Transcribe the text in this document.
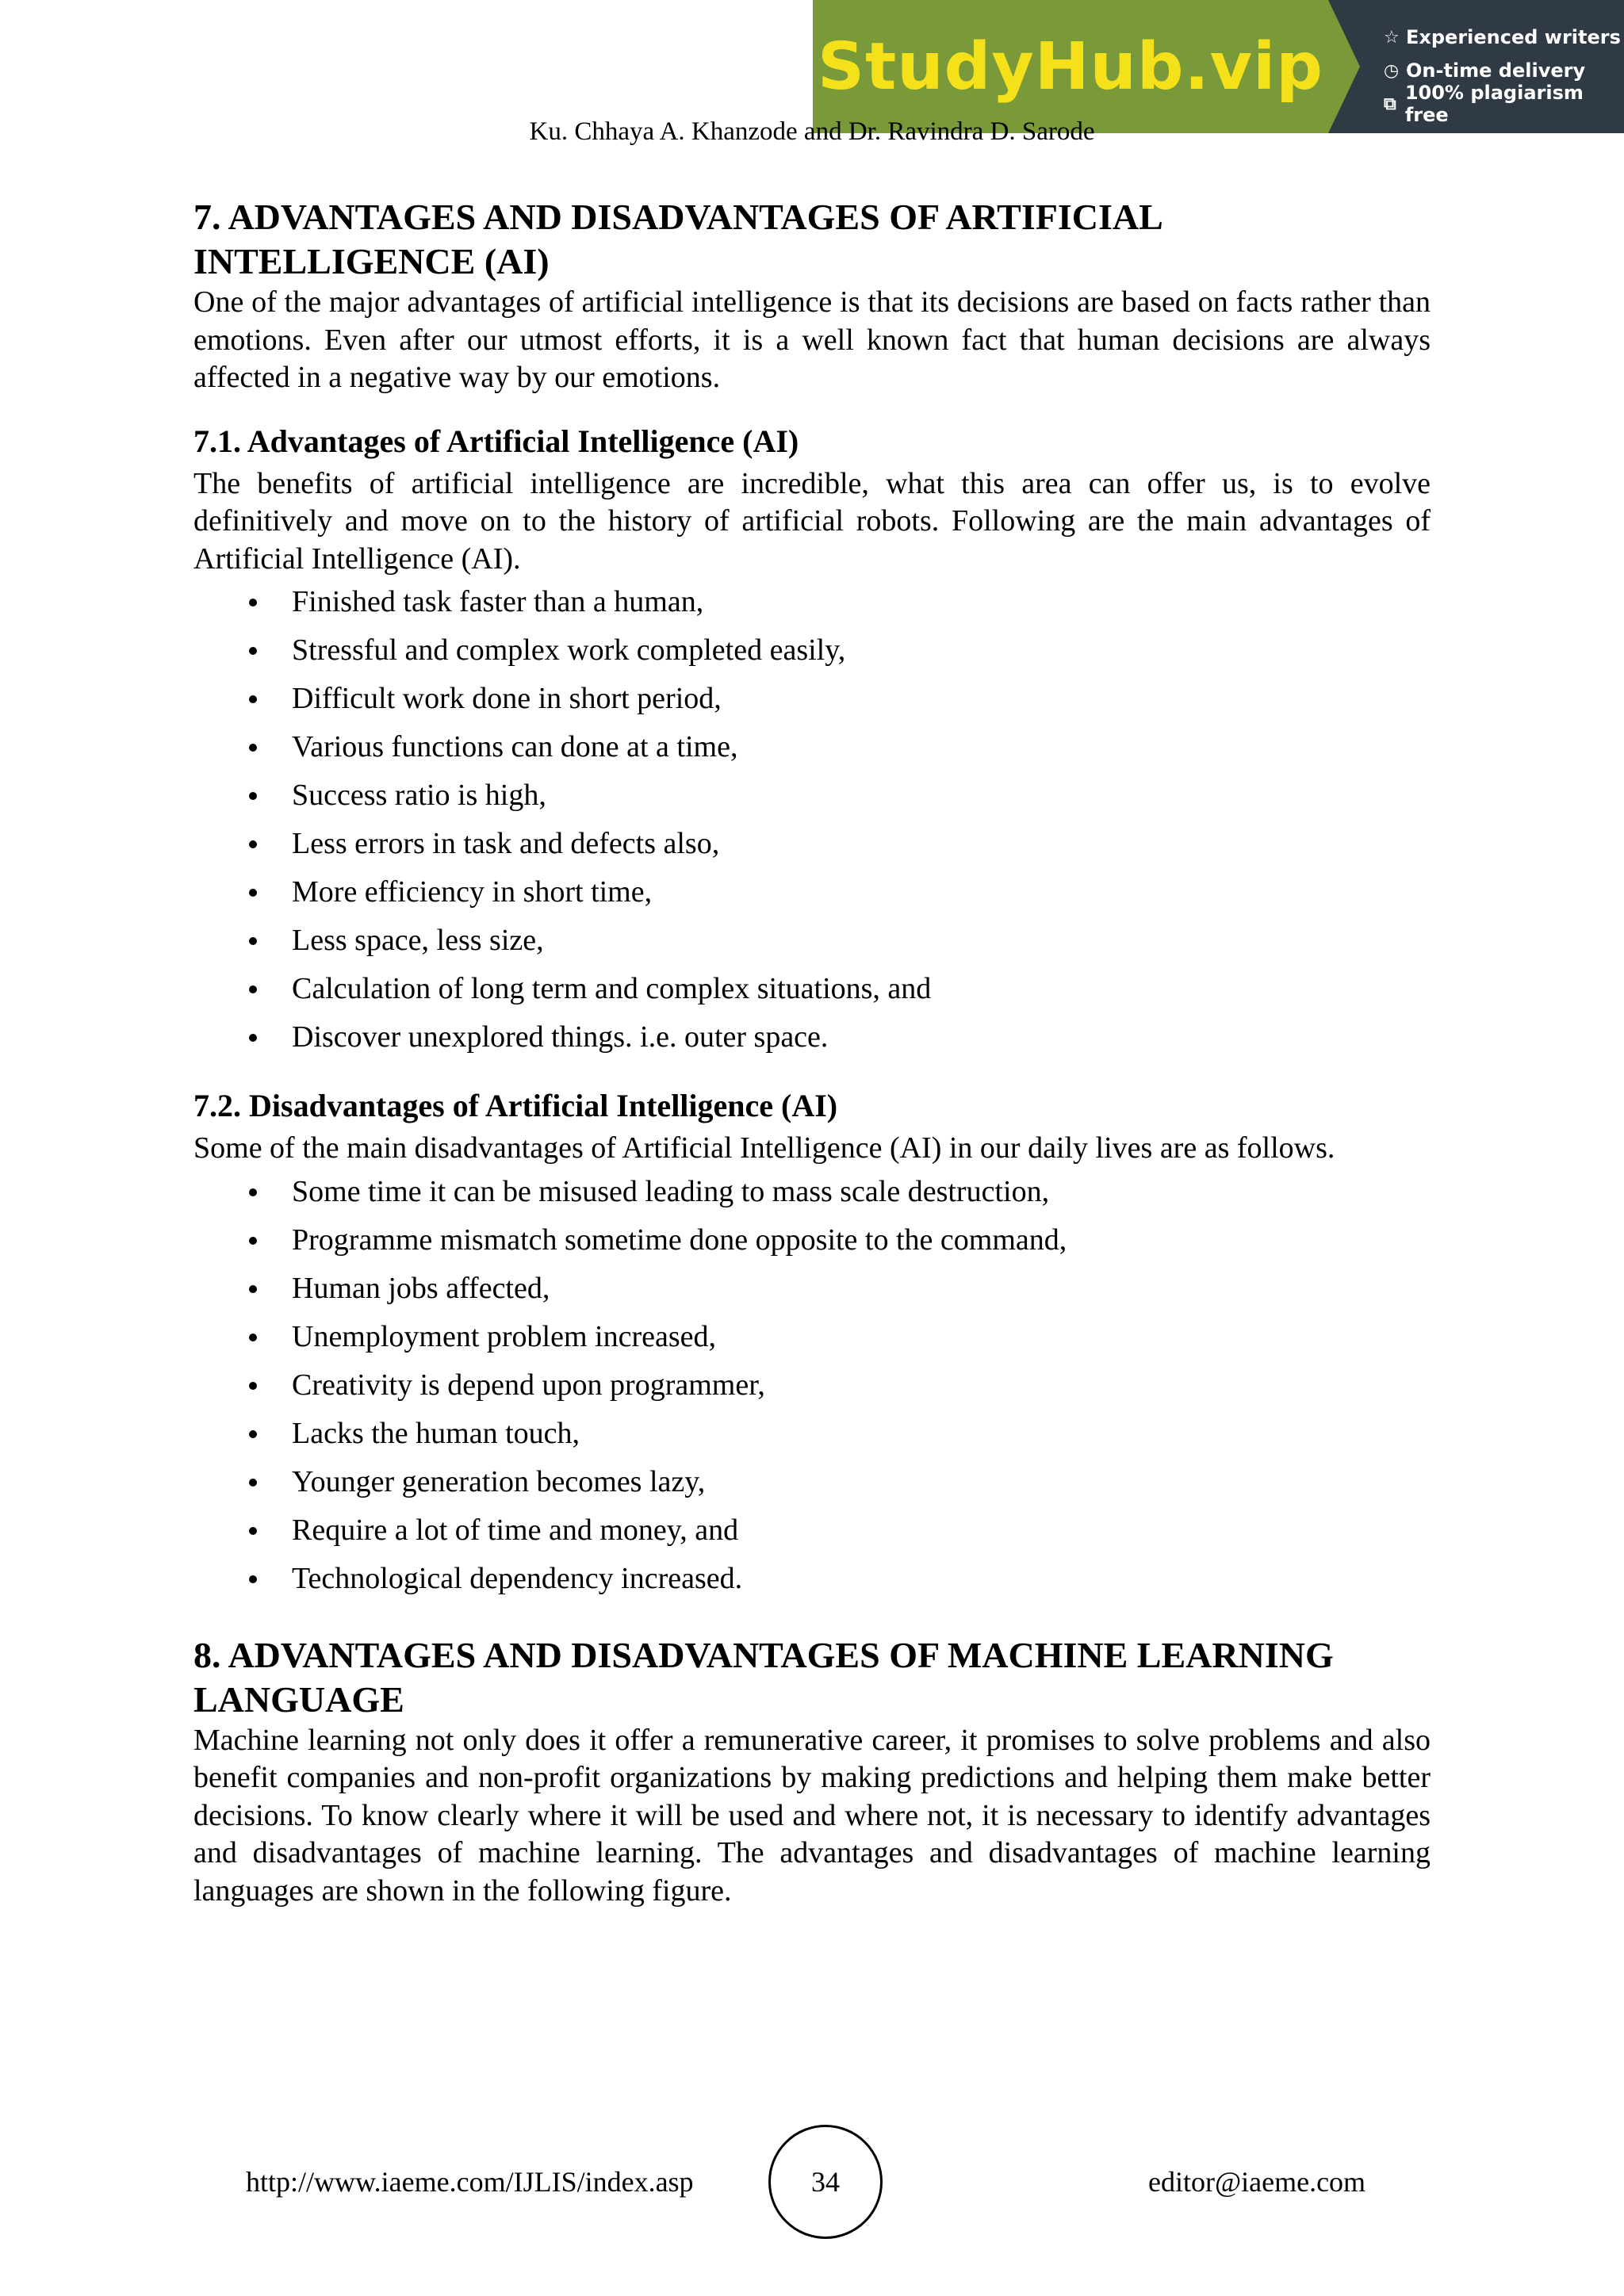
StudyHub.vip	☆ Experienced writers
◷ On-time delivery
⧉ 100% plagiarism free
Ku. Chhaya A. Khanzode and Dr. Ravindra D. Sarode
7. ADVANTAGES AND DISADVANTAGES OF ARTIFICIAL
INTELLIGENCE (AI)

One of the major advantages of artificial intelligence is that its decisions are based on facts rather than emotions. Even after our utmost efforts, it is a well known fact that human decisions are always affected in a negative way by our emotions.

7.1. Advantages of Artificial Intelligence (AI)

The benefits of artificial intelligence are incredible, what this area can offer us, is to evolve definitively and move on to the history of artificial robots. Following are the main advantages of Artificial Intelligence (AI).

Finished task faster than a human,
Stressful and complex work completed easily,
Difficult work done in short period,
Various functions can done at a time,
Success ratio is high,
Less errors in task and defects also,
More efficiency in short time,
Less space, less size,
Calculation of long term and complex situations, and
Discover unexplored things. i.e. outer space.
7.2. Disadvantages of Artificial Intelligence (AI)

Some of the main disadvantages of Artificial Intelligence (AI) in our daily lives are as follows.

Some time it can be misused leading to mass scale destruction,
Programme mismatch sometime done opposite to the command,
Human jobs affected,
Unemployment problem increased,
Creativity is depend upon programmer,
Lacks the human touch,
Younger generation becomes lazy,
Require a lot of time and money, and
Technological dependency increased.
8. ADVANTAGES AND DISADVANTAGES OF MACHINE LEARNING
LANGUAGE

Machine learning not only does it offer a remunerative career, it promises to solve problems and also benefit companies and non-profit organizations by making predictions and helping them make better decisions. To know clearly where it will be used and where not, it is necessary to identify advantages and disadvantages of machine learning. The advantages and disadvantages of machine learning languages are shown in the following figure.

http://www.iaeme.com/IJLIS/index.asp	34	editor@iaeme.com
